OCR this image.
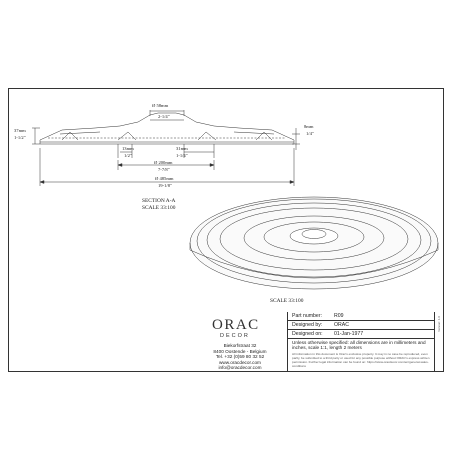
Ø 58mm
2-1/4"
37mm
1-1/2"
8mm
1/4"
13mm
1/2"
31mm
1-1/4"
Ø 200mm
7-7/8"
Ø 485mm
19-1/8"
SECTION A-A
SCALE 33:100
SCALE 33:100
ORAC
DECOR
Biekorfstraat 32
8400 Oostende - Belgium
Tel. +32 (0)59 80 32 52
www.oracdecor.com
info@oracdecor.com
Part number: R09
Designed by: ORAC
Designed on: 01-Jan-1977
Unless otherwise specified: all dimensions are in millimeters and inches, scale 1:1, length 2 meters
All information in this document is Orac's exclusive property. It may in no case be reproduced, even partly, be submitted to a third party or used for any possible purpose without ORAC's express written permission. Further legal information can be found on: https://www.oracdecor.com/en/general-sales-conditions
Version: 1.0
